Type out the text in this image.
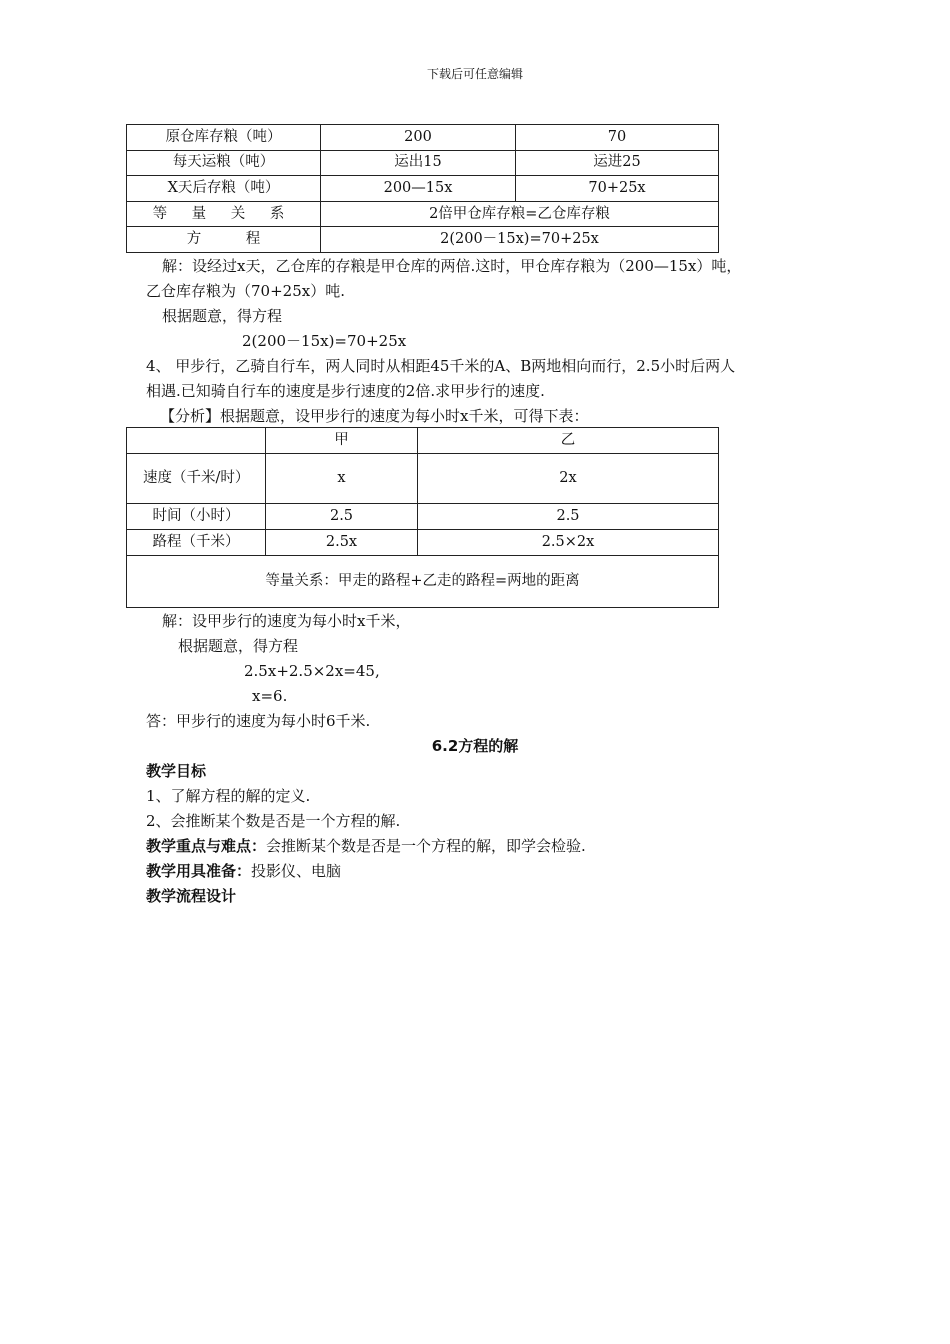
下载后可任意编辑
原仓库存粮（吨）	200	70
每天运粮（吨）	运出15	运进25
X天后存粮（吨）	200—15x	70+25x
等 量 关 系	2倍甲仓库存粮=乙仓库存粮	
方 程	2(200－15x)=70+25x	
解：设经过x天，乙仓库的存粮是甲仓库的两倍.这时，甲仓库存粮为（200—15x）吨，
乙仓库存粮为（70+25x）吨.
根据题意，得方程
2(200－15x)=70+25x
4、 甲步行，乙骑自行车，两人同时从相距45千米的A、B两地相向而行，2.5小时后两人
相遇.已知骑自行车的速度是步行速度的2倍.求甲步行的速度.
【分析】根据题意，设甲步行的速度为每小时x千米，可得下表：
	甲	乙
速度（千米/时）	x	2x
时间（小时）	2.5	2.5
路程（千米）	2.5x	2.5×2x
等量关系：甲走的路程+乙走的路程=两地的距离		
解：设甲步行的速度为每小时x千米，
根据题意，得方程
2.5x+2.5×2x=45,
x=6.
答：甲步行的速度为每小时6千米.
6.2方程的解
教学目标
1、了解方程的解的定义.
2、会推断某个数是否是一个方程的解.
教学重点与难点：会推断某个数是否是一个方程的解，即学会检验.
教学用具准备：投影仪、电脑
教学流程设计
